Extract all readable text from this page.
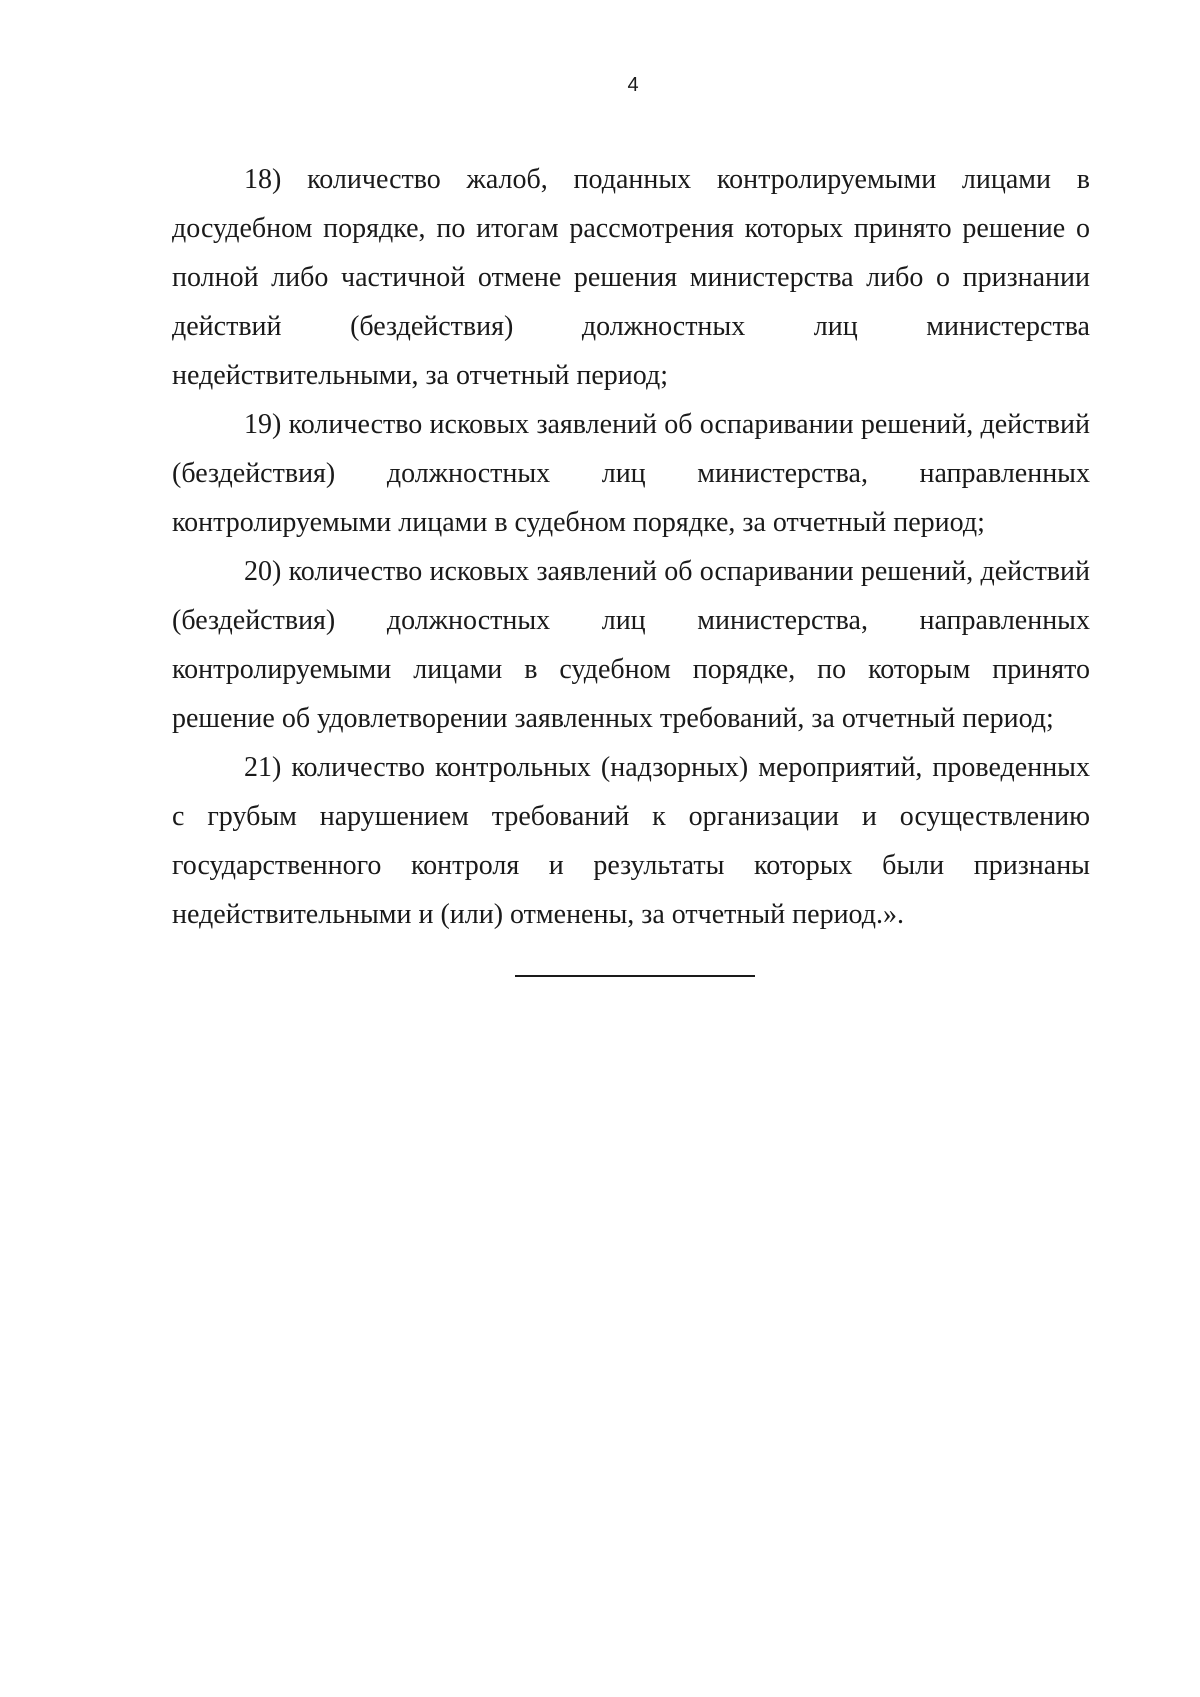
4

18) количество жалоб, поданных контролируемыми лицами в досудебном порядке, по итогам рассмотрения которых принято решение о полной либо частичной отмене решения министерства либо о признании действий (бездействия) должностных лиц министерства недействительными, за отчетный период;

19) количество исковых заявлений об оспаривании решений, действий (бездействия) должностных лиц министерства, направленных контролируемыми лицами в судебном порядке, за отчетный период;

20) количество исковых заявлений об оспаривании решений, действий (бездействия) должностных лиц министерства, направленных контролируемыми лицами в судебном порядке, по которым принято решение об удовлетворении заявленных требований, за отчетный период;

21) количество контрольных (надзорных) мероприятий, проведенных с грубым нарушением требований к организации и осуществлению государственного контроля и результаты которых были признаны недействительными и (или) отменены, за отчетный период.».
